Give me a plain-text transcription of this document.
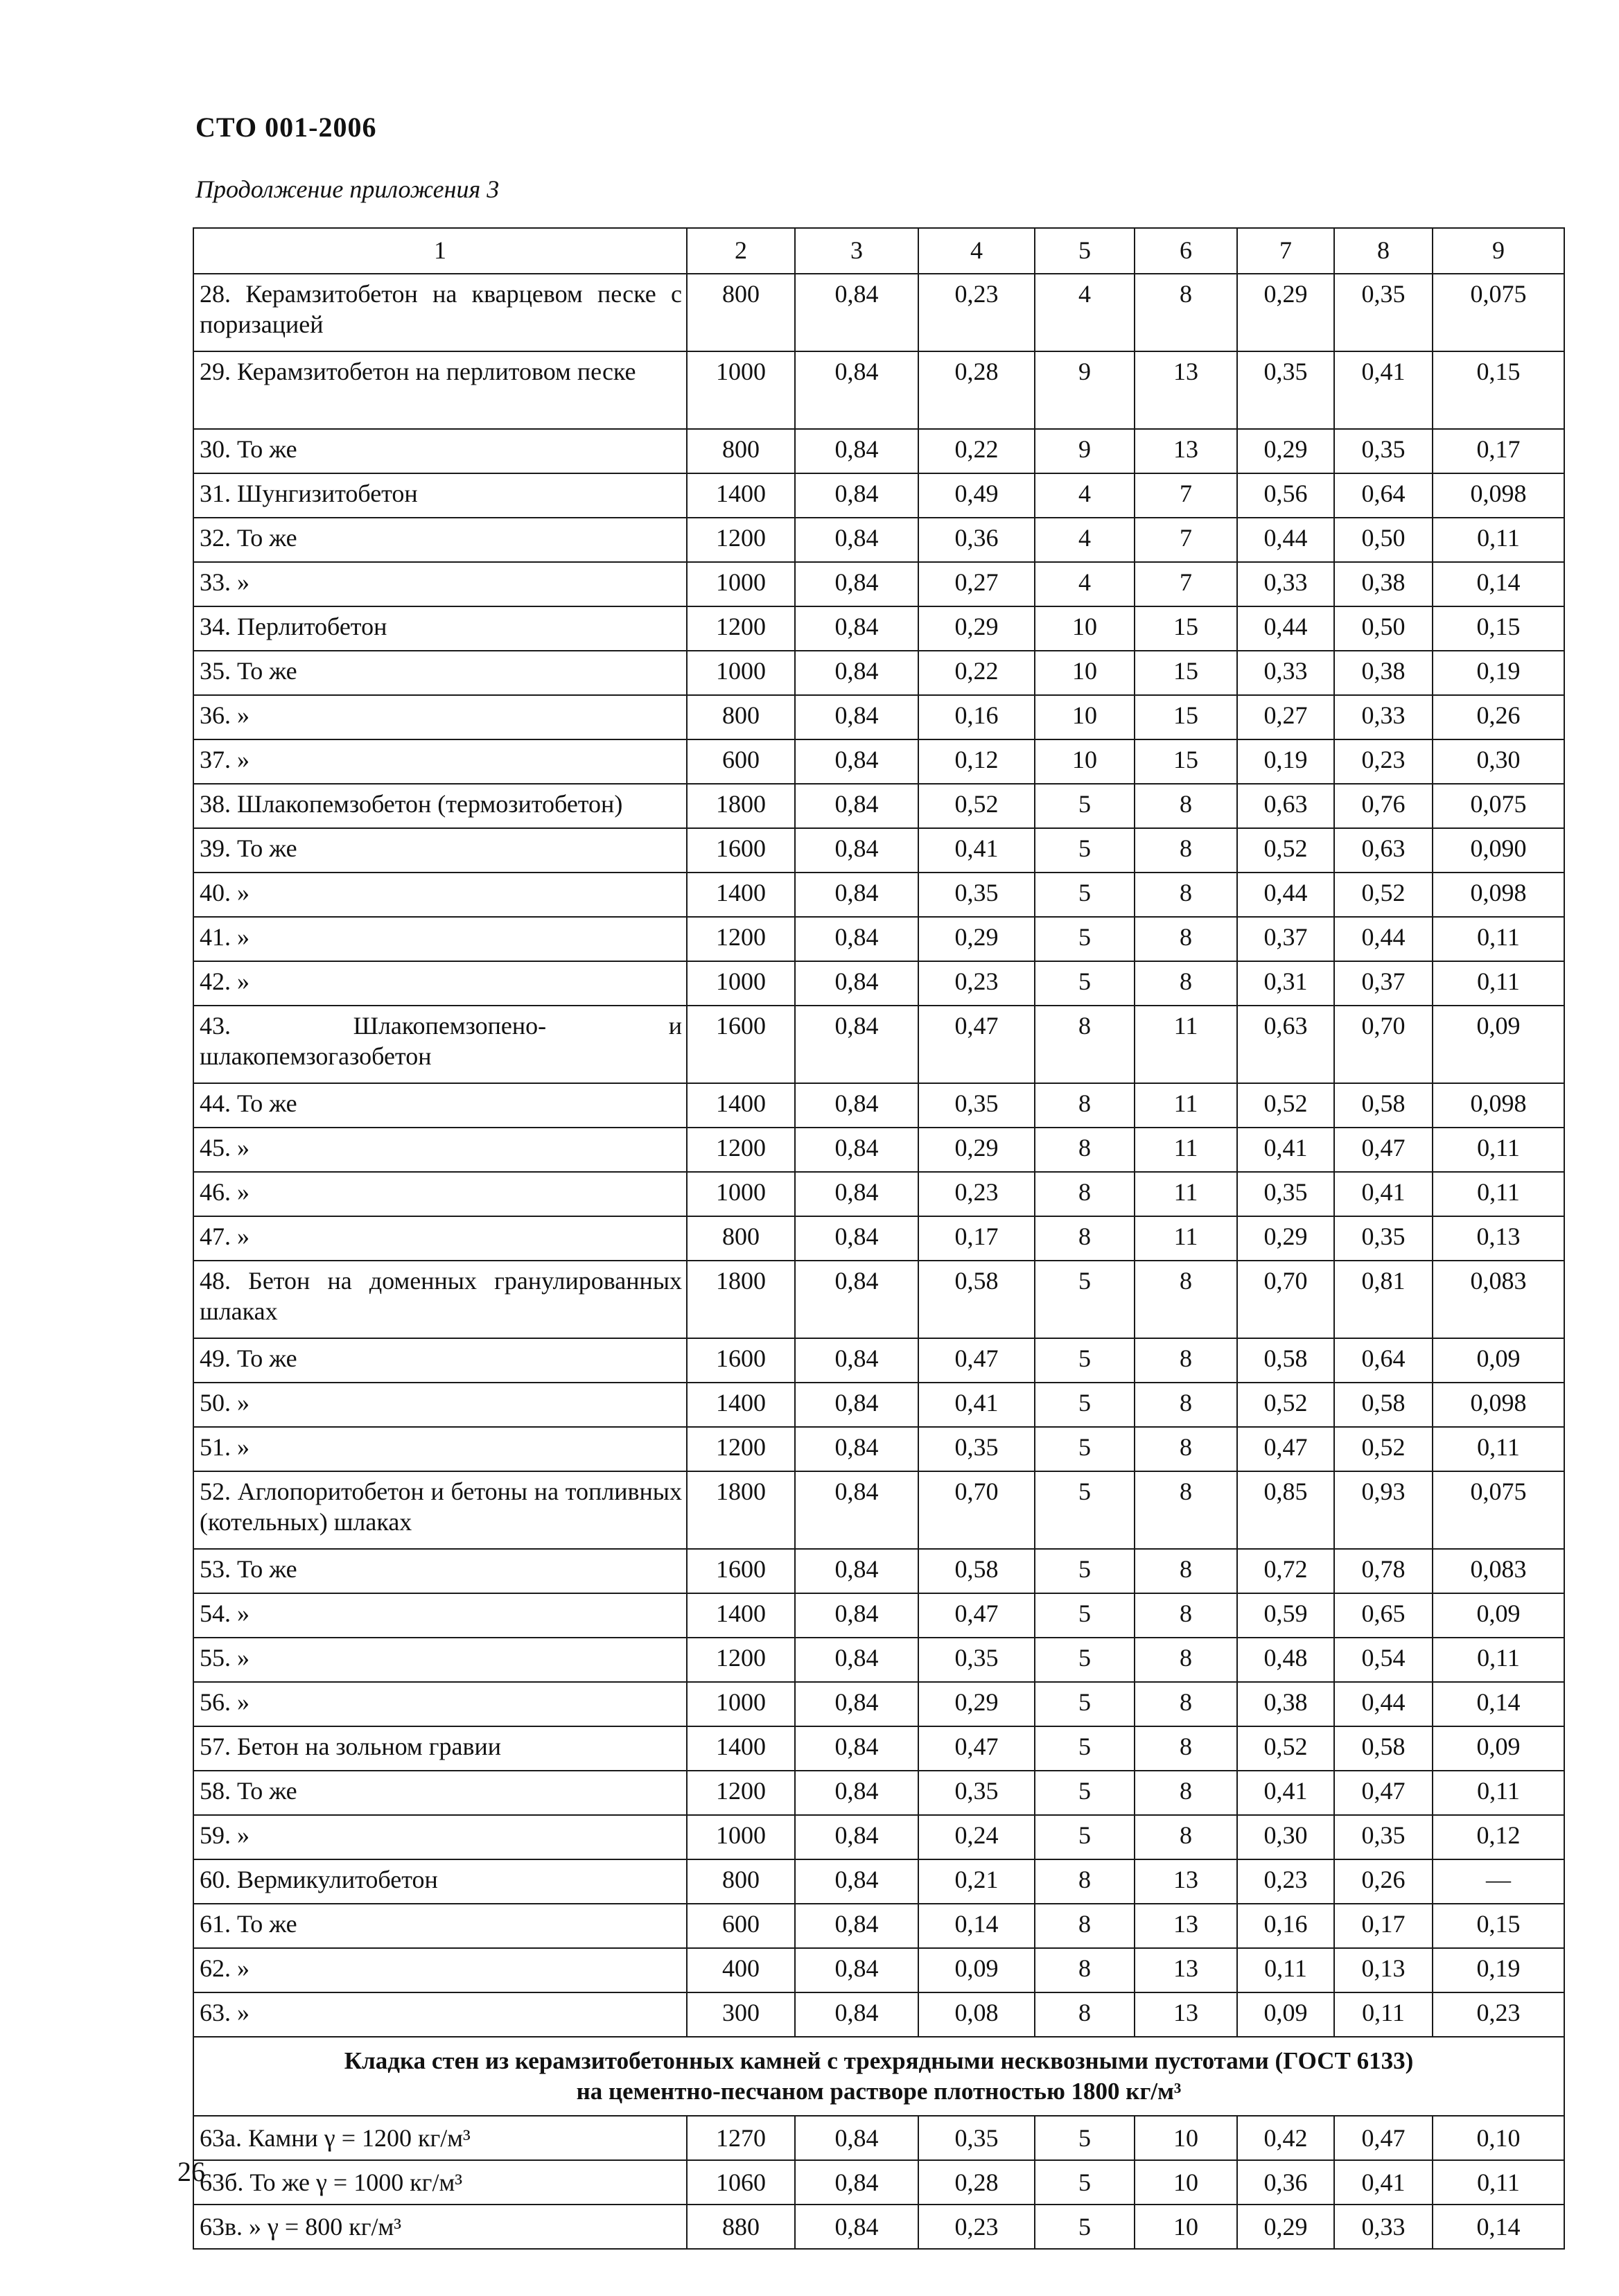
СТО 001-2006
Продолжение приложения 3
1	2	3	4	5	6	7	8	9

28. Керамзитобетон на кварцевом песке с поризацией	800	0,84	0,23	4	8	0,29	0,35	0,075

29. Керамзитобетон на перлитовом песке	1000	0,84	0,28	9	13	0,35	0,41	0,15

30. То же	800	0,84	0,22	9	13	0,29	0,35	0,17

31. Шунгизитобетон	1400	0,84	0,49	4	7	0,56	0,64	0,098

32. То же	1200	0,84	0,36	4	7	0,44	0,50	0,11

33. »	1000	0,84	0,27	4	7	0,33	0,38	0,14

34. Перлитобетон	1200	0,84	0,29	10	15	0,44	0,50	0,15

35. То же	1000	0,84	0,22	10	15	0,33	0,38	0,19

36. »	800	0,84	0,16	10	15	0,27	0,33	0,26

37. »	600	0,84	0,12	10	15	0,19	0,23	0,30

38. Шлакопемзобетон (термозитобетон)	1800	0,84	0,52	5	8	0,63	0,76	0,075

39. То же	1600	0,84	0,41	5	8	0,52	0,63	0,090

40. »	1400	0,84	0,35	5	8	0,44	0,52	0,098

41. »	1200	0,84	0,29	5	8	0,37	0,44	0,11

42. »	1000	0,84	0,23	5	8	0,31	0,37	0,11

43. Шлакопемзопено- и шлакопемзогазобетон	1600	0,84	0,47	8	11	0,63	0,70	0,09

44. То же	1400	0,84	0,35	8	11	0,52	0,58	0,098

45. »	1200	0,84	0,29	8	11	0,41	0,47	0,11

46. »	1000	0,84	0,23	8	11	0,35	0,41	0,11

47. »	800	0,84	0,17	8	11	0,29	0,35	0,13

48. Бетон на доменных гранулированных шлаках	1800	0,84	0,58	5	8	0,70	0,81	0,083

49. То же	1600	0,84	0,47	5	8	0,58	0,64	0,09

50. »	1400	0,84	0,41	5	8	0,52	0,58	0,098

51. »	1200	0,84	0,35	5	8	0,47	0,52	0,11

52. Аглопоритобетон и бетоны на топливных (котельных) шлаках	1800	0,84	0,70	5	8	0,85	0,93	0,075

53. То же	1600	0,84	0,58	5	8	0,72	0,78	0,083

54. »	1400	0,84	0,47	5	8	0,59	0,65	0,09

55. »	1200	0,84	0,35	5	8	0,48	0,54	0,11

56. »	1000	0,84	0,29	5	8	0,38	0,44	0,14

57. Бетон на зольном гравии	1400	0,84	0,47	5	8	0,52	0,58	0,09

58. То же	1200	0,84	0,35	5	8	0,41	0,47	0,11

59. »	1000	0,84	0,24	5	8	0,30	0,35	0,12

60. Вермикулитобетон	800	0,84	0,21	8	13	0,23	0,26	—

61. То же	600	0,84	0,14	8	13	0,16	0,17	0,15

62. »	400	0,84	0,09	8	13	0,11	0,13	0,19

63. »	300	0,84	0,08	8	13	0,09	0,11	0,23

Кладка стен из керамзитобетонных камней с трехрядными несквозными пустотами (ГОСТ 6133)
на цементно-песчаном растворе плотностью 1800 кг/м³								

63а. Камни γ = 1200 кг/м³	1270	0,84	0,35	5	10	0,42	0,47	0,10

63б. То же γ = 1000 кг/м³	1060	0,84	0,28	5	10	0,36	0,41	0,11

63в. » γ = 800 кг/м³	880	0,84	0,23	5	10	0,29	0,33	0,14
26
